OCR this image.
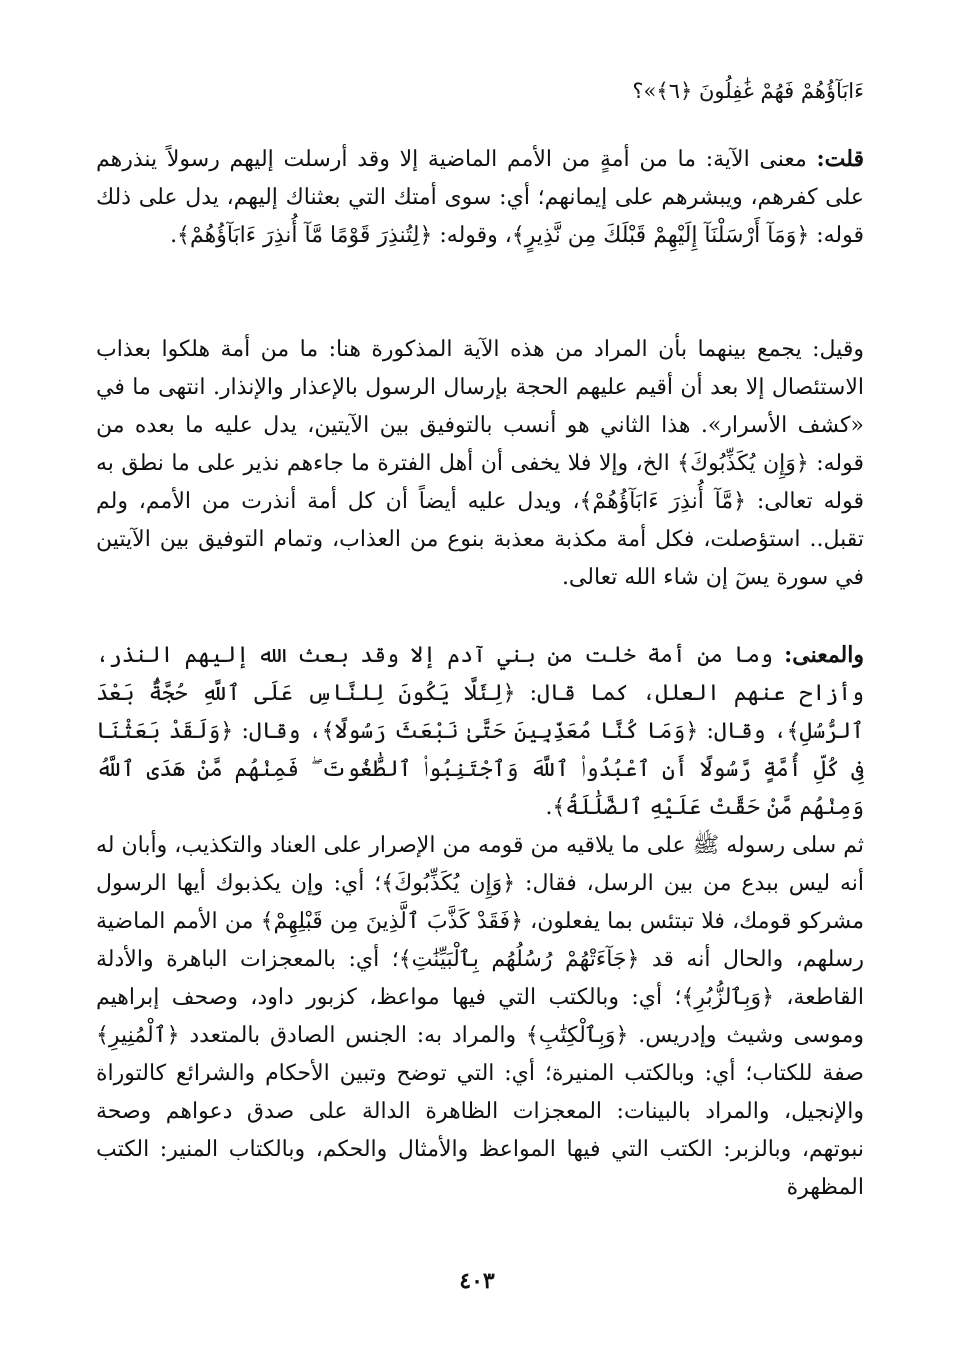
ءَابَآؤُهُمْ فَهُمْ غَٰفِلُونَ ﴿٦﴾»؟

قلت: معنى الآية: ما من أمةٍ من الأمم الماضية إلا وقد أرسلت إليهم رسولاً ينذرهم على كفرهم، ويبشرهم على إيمانهم؛ أي: سوى أمتك التي بعثناك إليهم، يدل على ذلك قوله: ﴿وَمَآ أَرْسَلْنَآ إِلَيْهِمْ قَبْلَكَ مِن نَّذِيرٍ﴾، وقوله: ﴿لِتُنذِرَ قَوْمًا مَّآ أُنذِرَ ءَابَآؤُهُمْ﴾.

وقيل: يجمع بينهما بأن المراد من هذه الآية المذكورة هنا: ما من أمة هلكوا بعذاب الاستئصال إلا بعد أن أقيم عليهم الحجة بإرسال الرسول بالإعذار والإنذار. انتهى ما في «كشف الأسرار». هذا الثاني هو أنسب بالتوفيق بين الآيتين، يدل عليه ما بعده من قوله: ﴿وَإِن يُكَذِّبُوكَ﴾ الخ، وإلا فلا يخفى أن أهل الفترة ما جاءهم نذير على ما نطق به قوله تعالى: ﴿مَّآ أُنذِرَ ءَابَآؤُهُمْ﴾، ويدل عليه أيضاً أن كل أمة أنذرت من الأمم، ولم تقبل.. استؤصلت، فكل أمة مكذبة معذبة بنوع من العذاب، وتمام التوفيق بين الآيتين في سورة يسٓ إن شاء الله تعالى.

والمعنى: وما من أمة خلت من بني آدم إلا وقد بعث الله إليهم النذر، وأزاح عنهم العلل، كما قال: ﴿لِئَلَّا يَكُونَ لِلنَّاسِ عَلَى ٱللَّهِ حُجَّةٌۢ بَعْدَ ٱلرُّسُلِ﴾، وقال: ﴿وَمَا كُنَّا مُعَذِّبِينَ حَتَّىٰ نَبْعَثَ رَسُولًا﴾، وقال: ﴿وَلَقَدْ بَعَثْنَا فِى كُلِّ أُمَّةٍ رَّسُولًا أَنِ ٱعْبُدُوا۟ ٱللَّهَ وَٱجْتَنِبُوا۟ ٱلطَّٰغُوتَ ۖ فَمِنْهُم مَّنْ هَدَى ٱللَّهُ وَمِنْهُم مَّنْ حَقَّتْ عَلَيْهِ ٱلضَّلَٰلَةُ﴾.

ثم سلى رسوله ﷺ على ما يلاقيه من قومه من الإصرار على العناد والتكذيب، وأبان له أنه ليس ببدع من بين الرسل، فقال: ﴿وَإِن يُكَذِّبُوكَ﴾؛ أي: وإن يكذبوك أيها الرسول مشركو قومك، فلا تبتئس بما يفعلون، ﴿فَقَدْ كَذَّبَ ٱلَّذِينَ مِن قَبْلِهِمْ﴾ من الأمم الماضية رسلهم، والحال أنه قد ﴿جَآءَتْهُمْ رُسُلُهُم بِٱلْبَيِّنَٰتِ﴾؛ أي: بالمعجزات الباهرة والأدلة القاطعة، ﴿وَبِٱلزُّبُرِ﴾؛ أي: وبالكتب التي فيها مواعظ، كزبور داود، وصحف إبراهيم وموسى وشيث وإدريس. ﴿وَبِٱلْكِتَٰبِ﴾ والمراد به: الجنس الصادق بالمتعدد ﴿ٱلْمُنِيرِ﴾ صفة للكتاب؛ أي: وبالكتب المنيرة؛ أي: التي توضح وتبين الأحكام والشرائع كالتوراة والإنجيل، والمراد بالبينات: المعجزات الظاهرة الدالة على صدق دعواهم وصحة نبوتهم، وبالزبر: الكتب التي فيها المواعظ والأمثال والحكم، وبالكتاب المنير: الكتب المظهرة

٤٠٣
